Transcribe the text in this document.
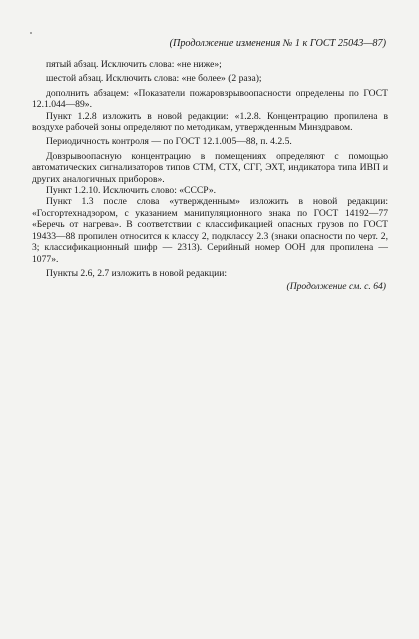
(Продолжение изменения № 1 к ГОСТ 25043—87)

пятый абзац. Исключить слова: «не ниже»;

шестой абзац. Исключить слова: «не более» (2 раза);

дополнить абзацем: «Показатели пожаровзрывоопасности определены по ГОСТ 12.1.044—89».

Пункт 1.2.8 изложить в новой редакции: «1.2.8. Концентрацию пропилена в воздухе рабочей зоны определяют по методикам, утвержденным Минздравом.

Периодичность контроля — по ГОСТ 12.1.005—88, п. 4.2.5.

Довзрывоопасную концентрацию в помещениях определяют с помощью автоматических сигнализаторов типов СТМ, СТХ, СГГ, ЭХТ, индикатора типа ИВП и других аналогичных приборов».

Пункт 1.2.10. Исключить слово: «СССР».

Пункт 1.3 после слова «утвержденным» изложить в новой редакции: «Госгортехнадзором, с указанием манипуляционного знака по ГОСТ 14192—77 «Беречь от нагрева». В соответствии с классификацией опасных грузов по ГОСТ 19433—88 пропилен относится к классу 2, подклассу 2.3 (знаки опасности по черт. 2, 3; классификационный шифр — 2313). Серийный номер ООН для пропилена — 1077».

Пункты 2.6, 2.7 изложить в новой редакции:

(Продолжение см. с. 64)
